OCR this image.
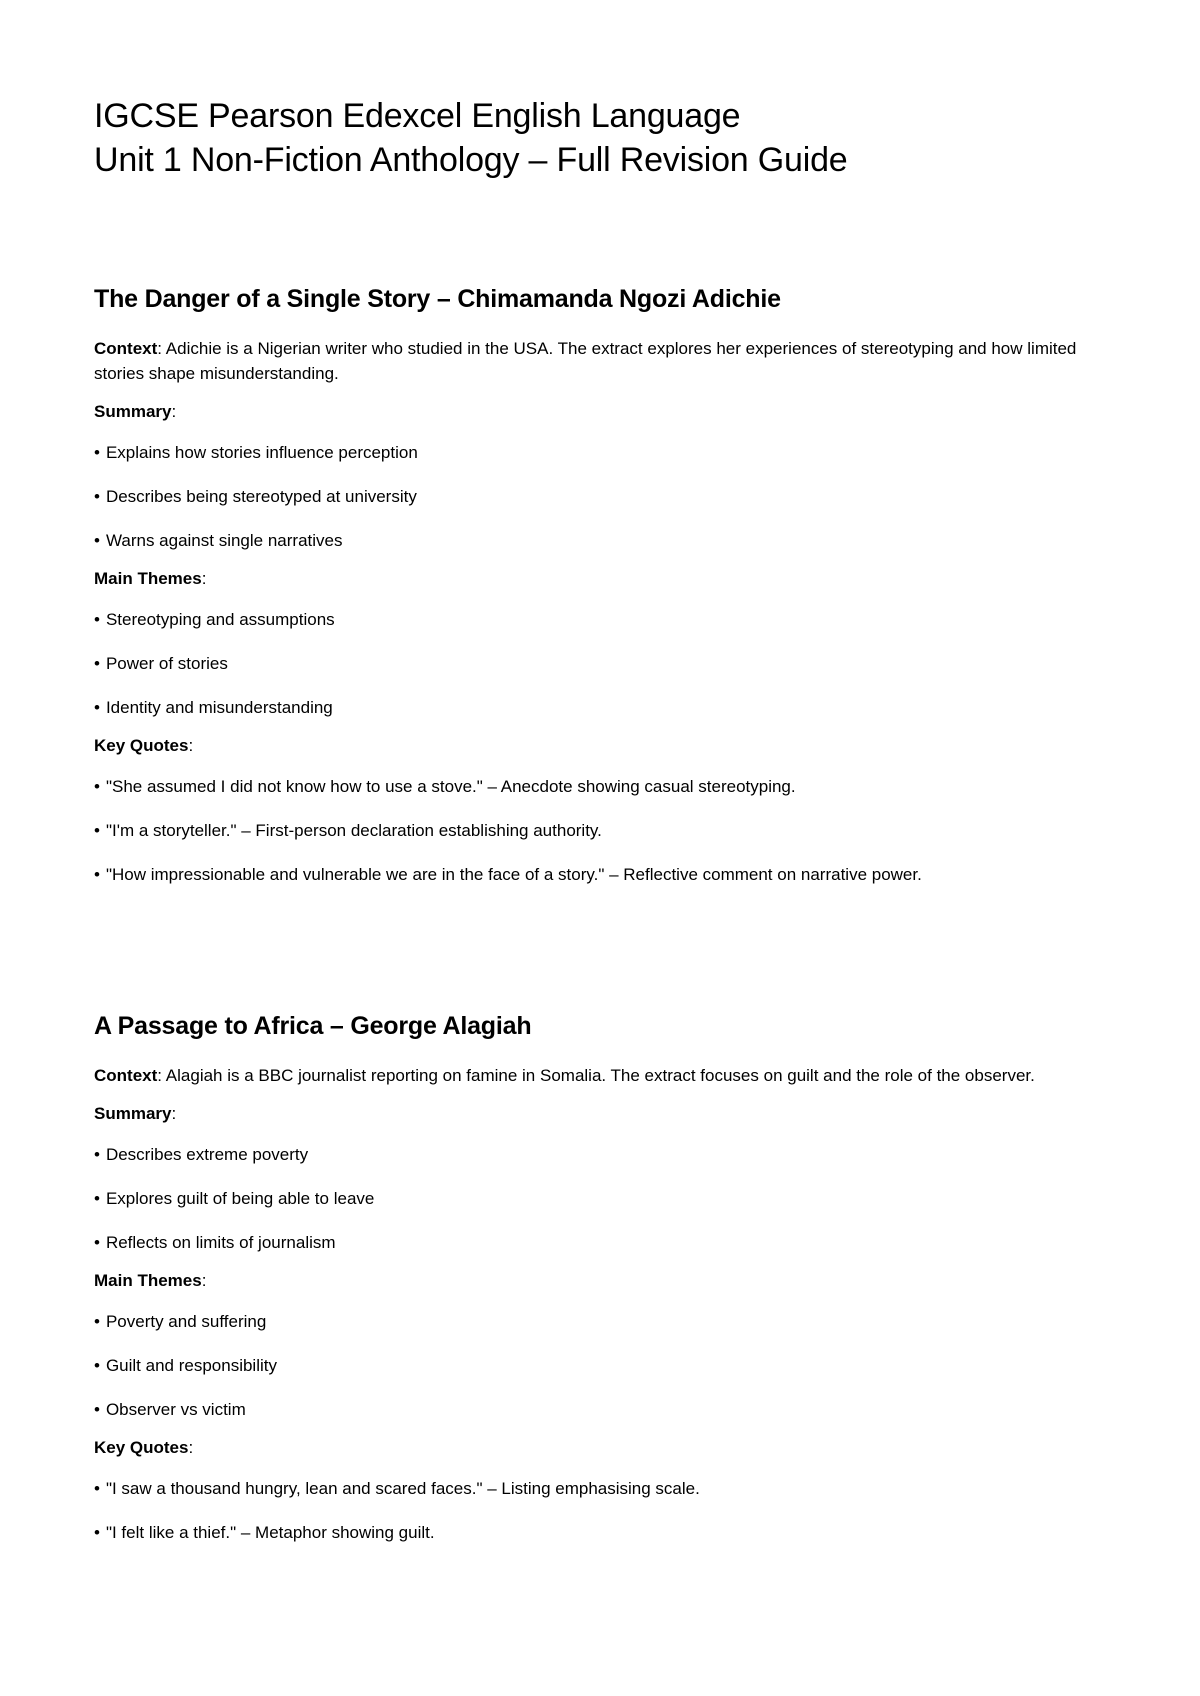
IGCSE Pearson Edexcel English Language
Unit 1 Non-Fiction Anthology – Full Revision Guide
The Danger of a Single Story – Chimamanda Ngozi Adichie

Context: Adichie is a Nigerian writer who studied in the USA. The extract explores her experiences of stereotyping and how limited stories shape misunderstanding.

Summary:

• Explains how stories influence perception
• Describes being stereotyped at university
• Warns against single narratives

Main Themes:

• Stereotyping and assumptions
• Power of stories
• Identity and misunderstanding

Key Quotes:

• "She assumed I did not know how to use a stove." – Anecdote showing casual stereotyping.
• "I'm a storyteller." – First-person declaration establishing authority.
• "How impressionable and vulnerable we are in the face of a story." – Reflective comment on narrative power.
A Passage to Africa – George Alagiah

Context: Alagiah is a BBC journalist reporting on famine in Somalia. The extract focuses on guilt and the role of the observer.

Summary:

• Describes extreme poverty
• Explores guilt of being able to leave
• Reflects on limits of journalism

Main Themes:

• Poverty and suffering
• Guilt and responsibility
• Observer vs victim

Key Quotes:

• "I saw a thousand hungry, lean and scared faces." – Listing emphasising scale.
• "I felt like a thief." – Metaphor showing guilt.
